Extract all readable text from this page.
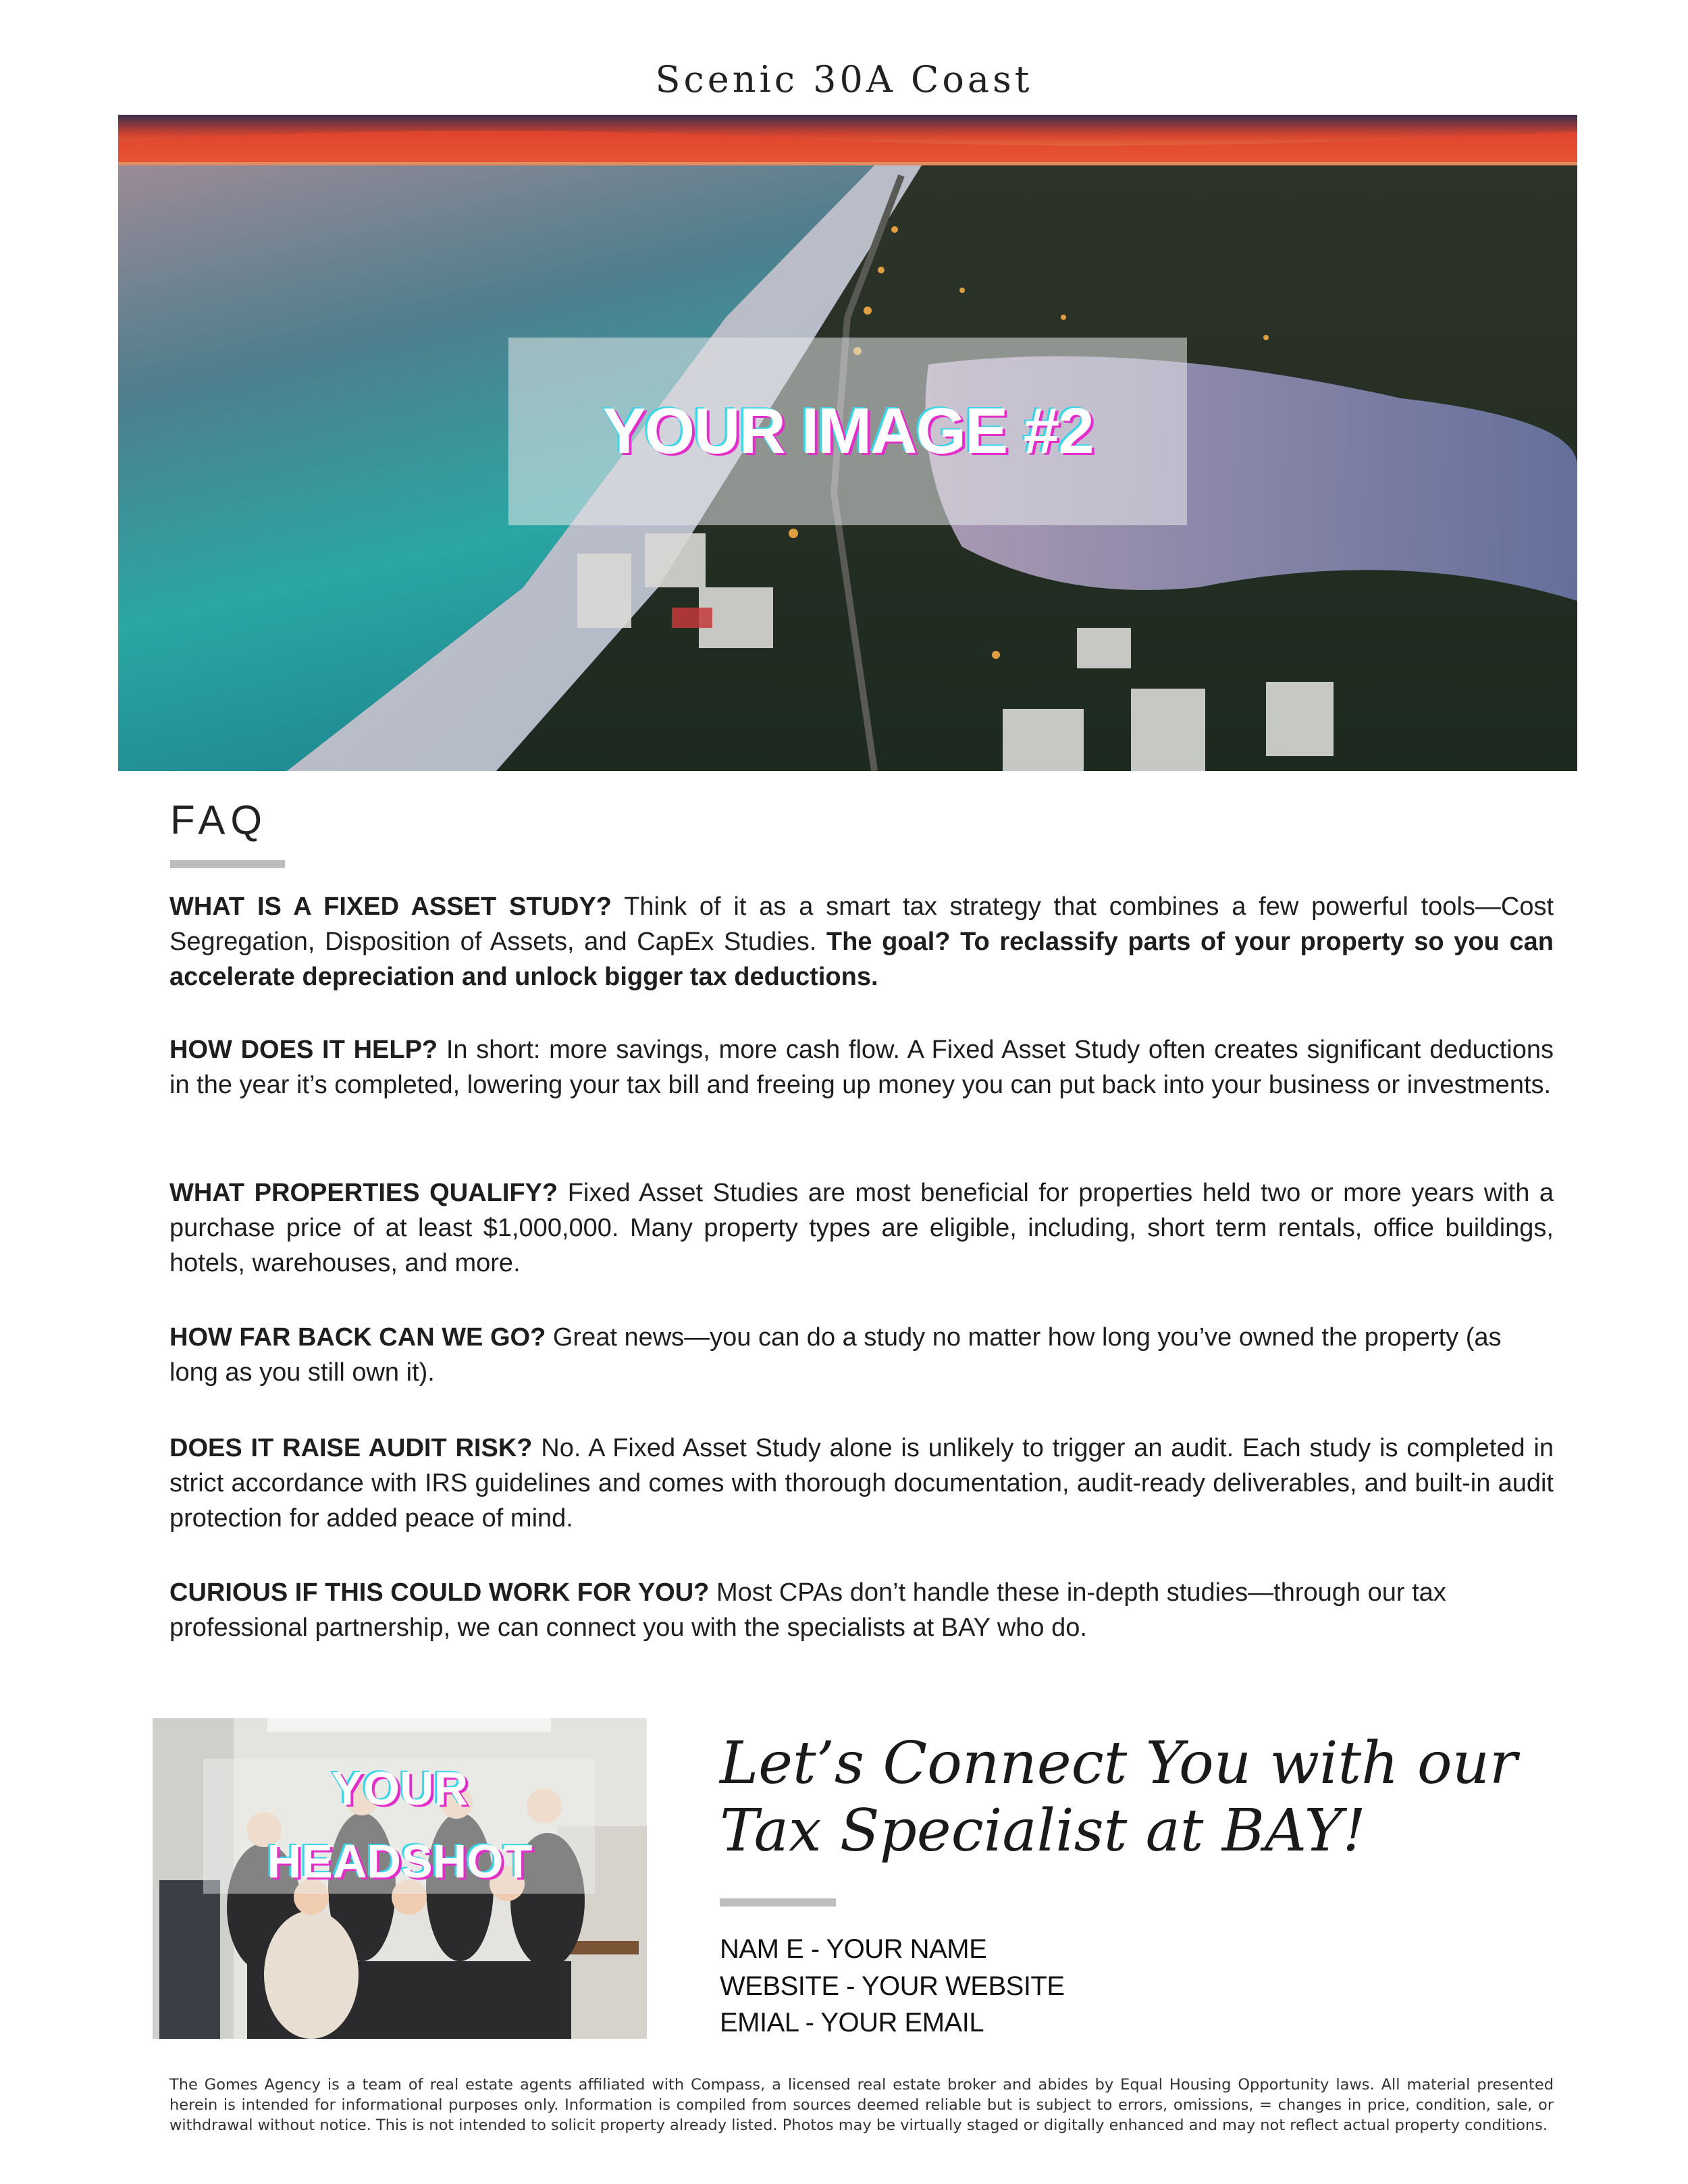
Scenic 30A Coast
YOUR IMAGE #2
FAQ
WHAT IS A FIXED ASSET STUDY? Think of it as a smart tax strategy that combines a few powerful tools—Cost Segregation, Disposition of Assets, and CapEx Studies. The goal? To reclassify parts of your property so you can accelerate depreciation and unlock bigger tax deductions.
HOW DOES IT HELP? In short: more savings, more cash flow. A Fixed Asset Study often creates significant deductions in the year it’s completed, lowering your tax bill and freeing up money you can put back into your business or investments.
WHAT PROPERTIES QUALIFY? Fixed Asset Studies are most beneficial for properties held two or more years with a purchase price of at least $1,000,000. Many property types are eligible, including, short term rentals, office buildings, hotels, warehouses, and more.
HOW FAR BACK CAN WE GO? Great news—you can do a study no matter how long you’ve owned the property (as long as you still own it).
DOES IT RAISE AUDIT RISK? No. A Fixed Asset Study alone is unlikely to trigger an audit. Each study is completed in strict accordance with IRS guidelines and comes with thorough documentation, audit-ready deliverables, and built-in audit protection for added peace of mind.
CURIOUS IF THIS COULD WORK FOR YOU? Most CPAs don’t handle these in-depth studies—through our tax professional partnership, we can connect you with the specialists at BAY who do.
YOUR
HEADSHOT
Let’s Connect You with our
Tax Specialist at BAY!
NAM E - YOUR NAME
WEBSITE - YOUR WEBSITE
EMIAL - YOUR EMAIL
The Gomes Agency is a team of real estate agents affiliated with Compass, a licensed real estate broker and abides by Equal Housing Opportunity laws. All material presented herein is intended for informational purposes only. Information is compiled from sources deemed reliable but is subject to errors, omissions, = changes in price, condition, sale, or withdrawal without notice. This is not intended to solicit property already listed. Photos may be virtually staged or digitally enhanced and may not reflect actual property conditions.
